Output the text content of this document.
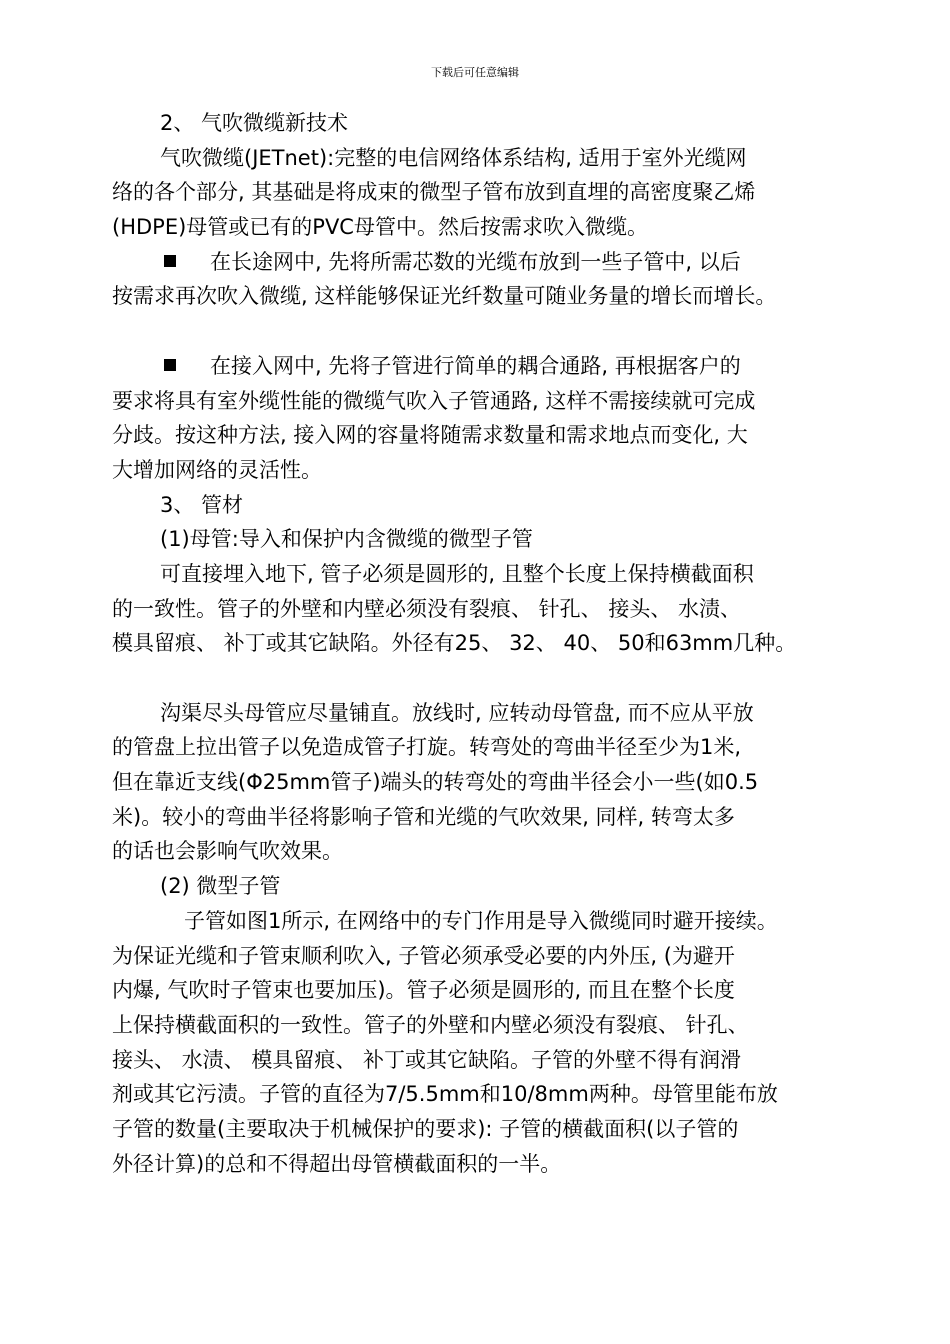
下载后可任意编辑
2、 气吹微缆新技术
气吹微缆(JETnet):完整的电信网络体系结构, 适用于室外光缆网
络的各个部分, 其基础是将成束的微型子管布放到直埋的高密度聚乙烯
(HDPE)母管或已有的PVC母管中。然后按需求吹入微缆。
在长途网中, 先将所需芯数的光缆布放到一些子管中, 以后
按需求再次吹入微缆, 这样能够保证光纤数量可随业务量的增长而增长。
在接入网中, 先将子管进行简单的耦合通路, 再根据客户的
要求将具有室外缆性能的微缆气吹入子管通路, 这样不需接续就可完成
分歧。按这种方法, 接入网的容量将随需求数量和需求地点而变化, 大
大增加网络的灵活性。
3、 管材
(1)母管:导入和保护内含微缆的微型子管
可直接埋入地下, 管子必须是圆形的, 且整个长度上保持横截面积
的一致性。管子的外壁和内壁必须没有裂痕、 针孔、 接头、 水渍、
模具留痕、 补丁或其它缺陷。外径有25、 32、 40、 50和63mm几种。
沟渠尽头母管应尽量铺直。放线时, 应转动母管盘, 而不应从平放
的管盘上拉出管子以免造成管子打旋。转弯处的弯曲半径至少为1米,
但在靠近支线(Φ25mm管子)端头的转弯处的弯曲半径会小一些(如0.5
米)。较小的弯曲半径将影响子管和光缆的气吹效果, 同样, 转弯太多
的话也会影响气吹效果。
(2) 微型子管
子管如图1所示, 在网络中的专门作用是导入微缆同时避开接续。
为保证光缆和子管束顺利吹入, 子管必须承受必要的内外压, (为避开
内爆, 气吹时子管束也要加压)。管子必须是圆形的, 而且在整个长度
上保持横截面积的一致性。管子的外壁和内壁必须没有裂痕、 针孔、
接头、 水渍、 模具留痕、 补丁或其它缺陷。子管的外壁不得有润滑
剂或其它污渍。子管的直径为7/5.5mm和10/8mm两种。母管里能布放
子管的数量(主要取决于机械保护的要求): 子管的横截面积(以子管的
外径计算)的总和不得超出母管横截面积的一半。
